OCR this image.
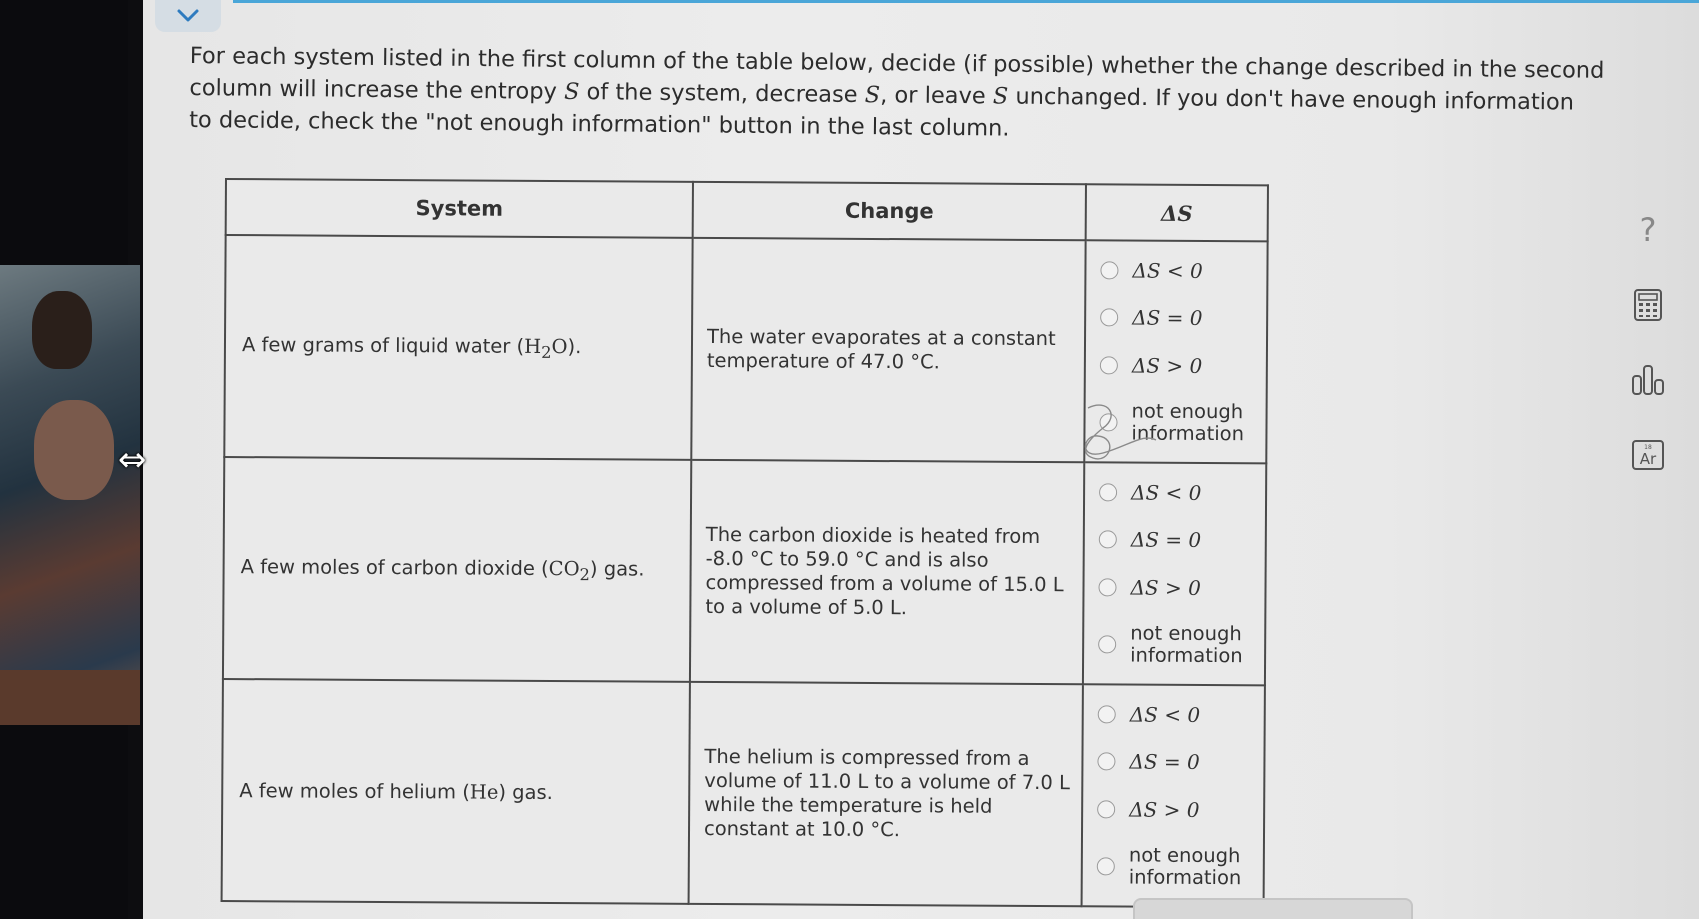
For each system listed in the first column of the table below, decide (if possible) whether the change described in the second
column will increase the entropy S of the system, decrease S, or leave S unchanged. If you don't have enough information
to decide, check the "not enough information" button in the last column.
System	Change	ΔS
A few grams of liquid water $(H_2O)$.	The water evaporates at a constant temperature of 47.0 °C.	ΔS < 0
ΔS = 0
ΔS > 0
not enough
information

A few moles of carbon dioxide $(CO_2)$ gas.	The carbon dioxide is heated from -8.0 °C to 59.0 °C and is also compressed from a volume of 15.0 L to a volume of 5.0 L.	ΔS < 0
ΔS = 0
ΔS > 0
not enough
information

A few moles of helium (He) gas.	The helium is compressed from a volume of 11.0 L to a volume of 7.0 L while the temperature is held constant at 10.0 °C.	ΔS < 0
ΔS = 0
ΔS > 0
not enough
information
⇔
?
18
Ar
